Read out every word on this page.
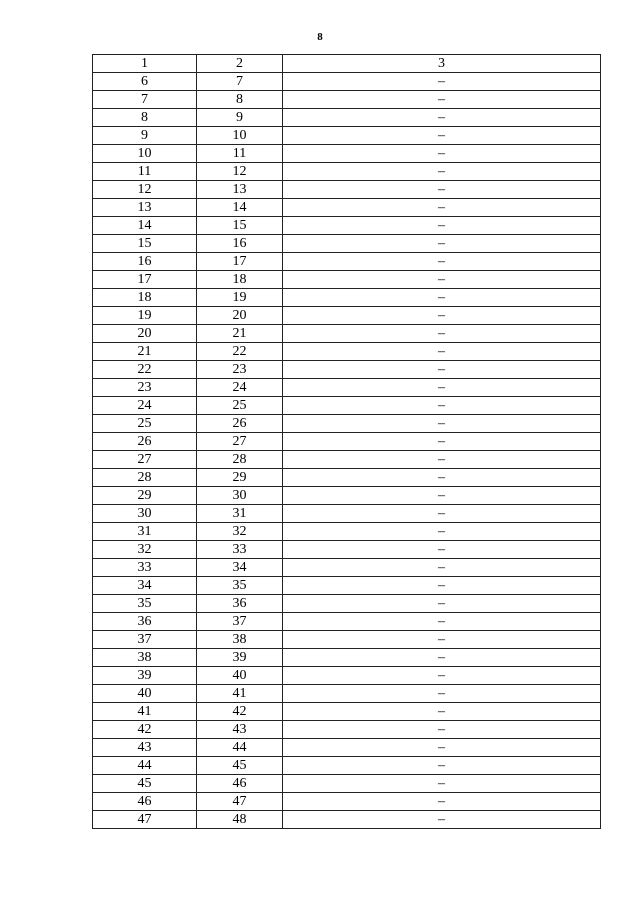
8
1	2	3
6	7	–
7	8	–
8	9	–
9	10	–
10	11	–
11	12	–
12	13	–
13	14	–
14	15	–
15	16	–
16	17	–
17	18	–
18	19	–
19	20	–
20	21	–
21	22	–
22	23	–
23	24	–
24	25	–
25	26	–
26	27	–
27	28	–
28	29	–
29	30	–
30	31	–
31	32	–
32	33	–
33	34	–
34	35	–
35	36	–
36	37	–
37	38	–
38	39	–
39	40	–
40	41	–
41	42	–
42	43	–
43	44	–
44	45	–
45	46	–
46	47	–
47	48	–
